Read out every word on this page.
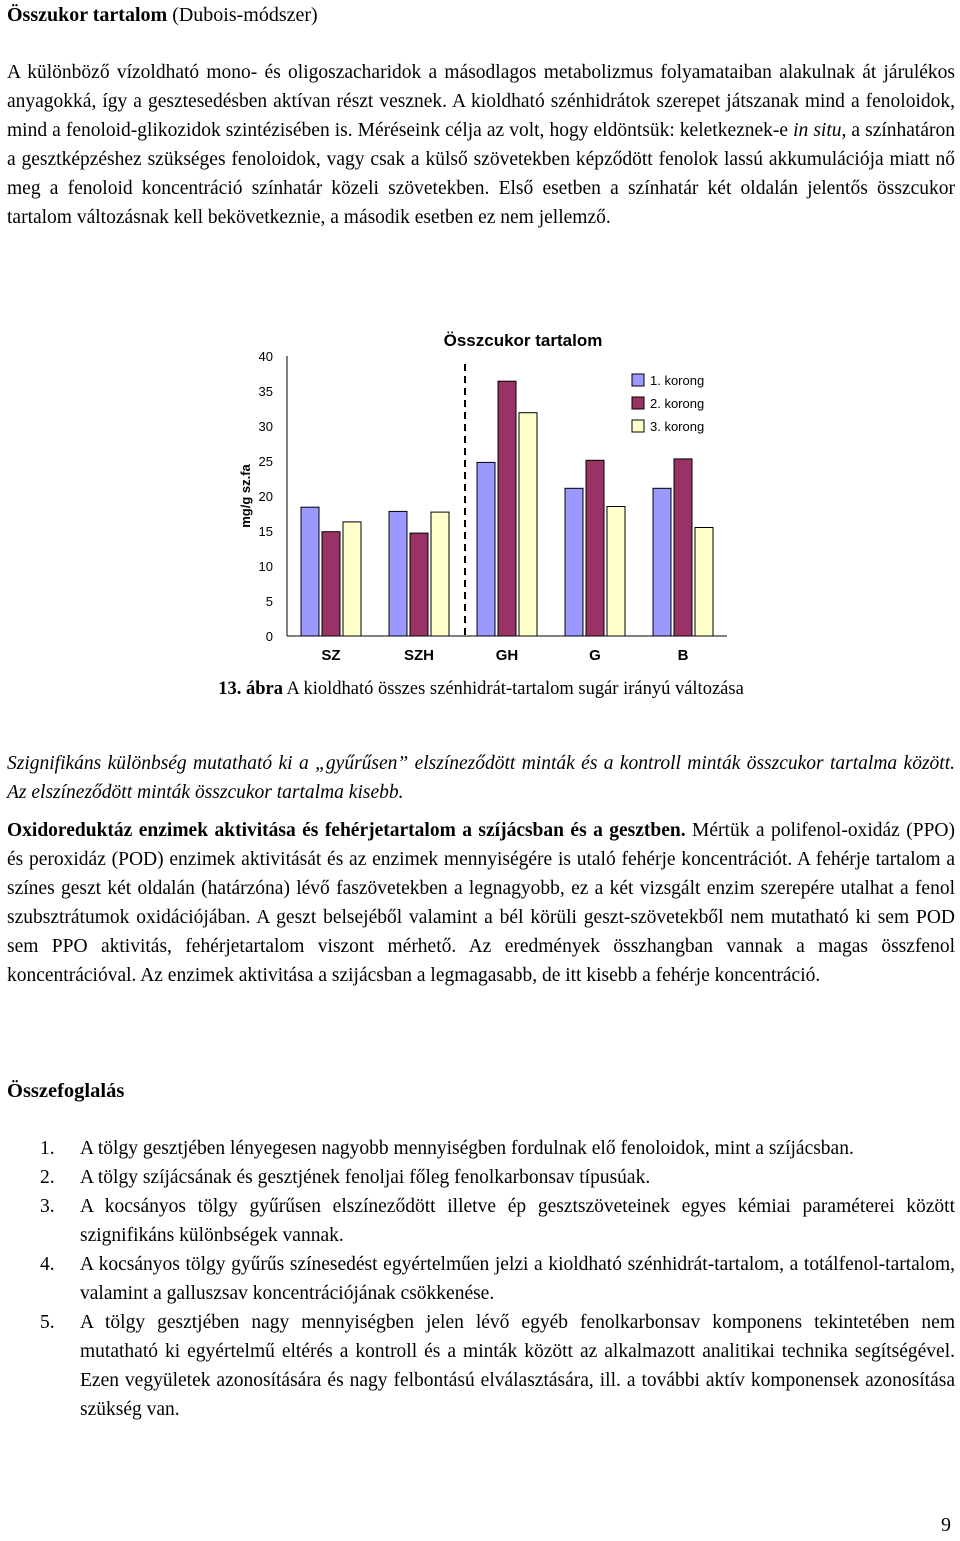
Összukor tartalom (Dubois-módszer)

A különböző vízoldható mono- és oligoszacharidok a másodlagos metabolizmus folyamataiban alakulnak át járulékos anyagokká, így a gesztesedésben aktívan részt vesznek. A kioldható szénhidrátok szerepet játszanak mind a fenoloidok, mind a fenoloid-glikozidok szintézisében is. Méréseink célja az volt, hogy eldöntsük: keletkeznek-e in situ, a színhatáron a gesztképzéshez szükséges fenoloidok, vagy csak a külső szövetekben képződött fenolok lassú akkumulációja miatt nő meg a fenoloid koncentráció színhatár közeli szövetekben. Első esetben a színhatár két oldalán jelentős összcukor tartalom változásnak kell bekövetkeznie, a második esetben ez nem jellemző.

Összcukor tartalom
mg/g sz.fa
0
5
10
15
20
25
30
35
40
SZ	SZH	GH	G	B
1. korong
2. korong
3. korong
13. ábra A kioldható összes szénhidrát-tartalom sugár irányú változása

Szignifikáns különbség mutatható ki a „gyűrűsen” elszíneződött minták és a kontroll minták összcukor tartalma között. Az elszíneződött minták összcukor tartalma kisebb.

Oxidoreduktáz enzimek aktivitása és fehérjetartalom a szíjácsban és a gesztben. Mértük a polifenol-oxidáz (PPO) és peroxidáz (POD) enzimek aktivitását és az enzimek mennyiségére is utaló fehérje koncentrációt. A fehérje tartalom a színes geszt két oldalán (határzóna) lévő faszövetekben a legnagyobb, ez a két vizsgált enzim szerepére utalhat a fenol szubsztrátumok oxidációjában. A geszt belsejéből valamint a bél körüli geszt-szövetekből nem mutatható ki sem POD sem PPO aktivitás, fehérjetartalom viszont mérhető. Az eredmények összhangban vannak a magas összfenol koncentrációval. Az enzimek aktivitása a szijácsban a legmagasabb, de itt kisebb a fehérje koncentráció.

Összefoglalás
1. A tölgy gesztjében lényegesen nagyobb mennyiségben fordulnak elő fenoloidok, mint a szíjácsban.
2. A tölgy szíjácsának és gesztjének fenoljai főleg fenolkarbonsav típusúak.
3. A kocsányos tölgy gyűrűsen elszíneződött illetve ép gesztszöveteinek egyes kémiai paraméterei között szignifikáns különbségek vannak.
4. A kocsányos tölgy gyűrűs színesedést egyértelműen jelzi a kioldható szénhidrát-tartalom, a totálfenol-tartalom, valamint a galluszsav koncentrációjának csökkenése.
5. A tölgy gesztjében nagy mennyiségben jelen lévő egyéb fenolkarbonsav komponens tekintetében nem mutatható ki egyértelmű eltérés a kontroll és a minták között az alkalmazott analitikai technika segítségével. Ezen vegyületek azonosítására és nagy felbontású elválasztására, ill. a további aktív komponensek azonosítása szükség van.
9
